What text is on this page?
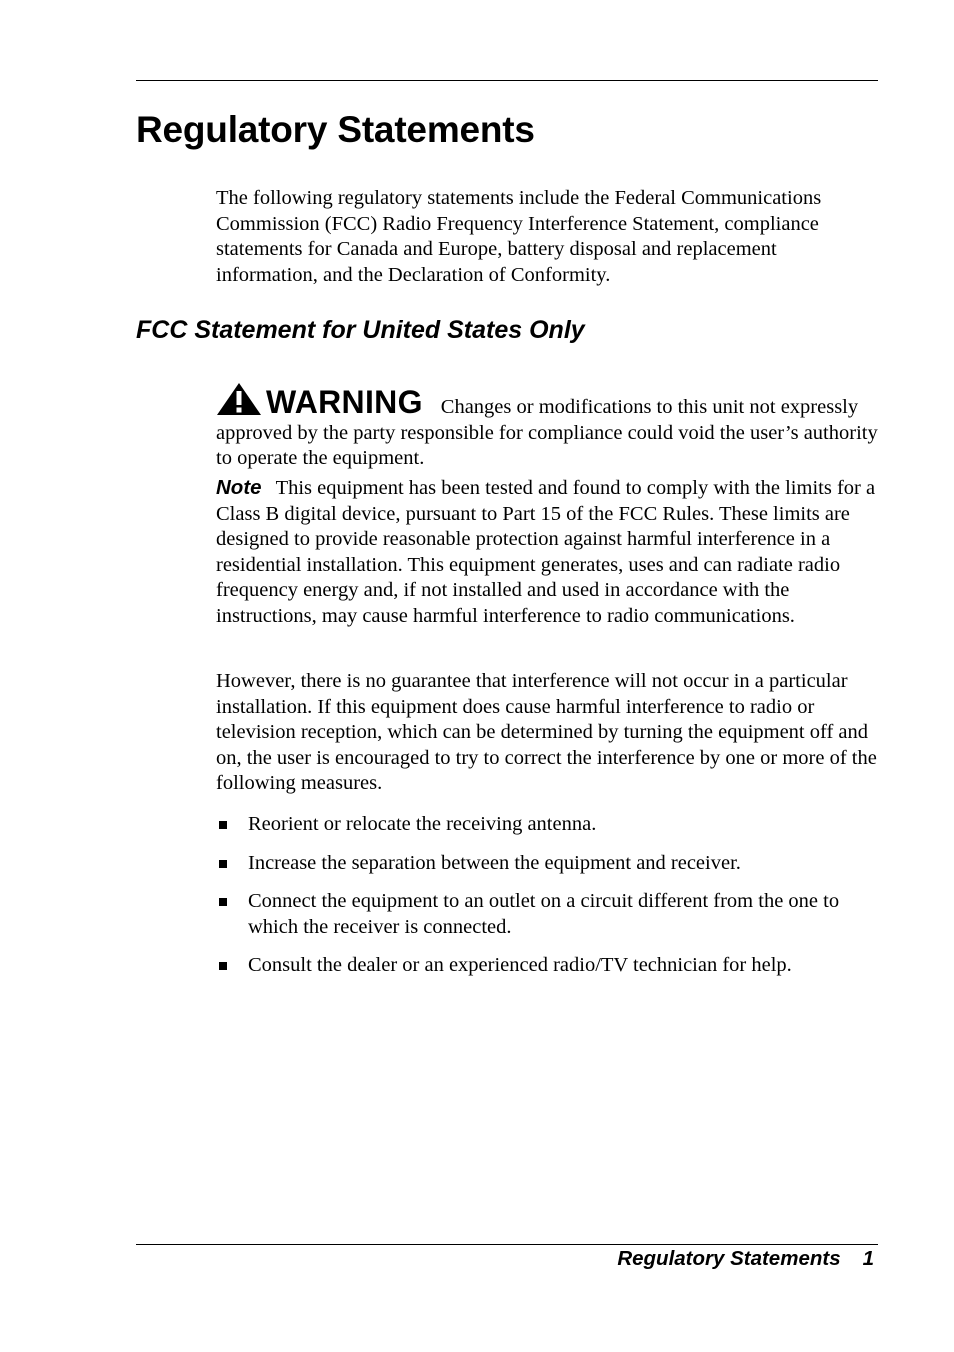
Regulatory Statements

The following regulatory statements include the Federal Communications Commission (FCC) Radio Frequency Interference Statement, compliance statements for Canada and Europe, battery disposal and replacement information, and the Declaration of Conformity.

FCC Statement for United States Only

WARNING Changes or modifications to this unit not expressly approved by the party responsible for compliance could void the user’s authority to operate the equipment.

Note This equipment has been tested and found to comply with the limits for a Class B digital device, pursuant to Part 15 of the FCC Rules. These limits are designed to provide reasonable protection against harmful interference in a residential installation. This equipment generates, uses and can radiate radio frequency energy and, if not installed and used in accordance with the instructions, may cause harmful interference to radio communications.

However, there is no guarantee that interference will not occur in a particular installation. If this equipment does cause harmful interference to radio or television reception, which can be determined by turning the equipment off and on, the user is encouraged to try to correct the interference by one or more of the following measures.

Reorient or relocate the receiving antenna.
Increase the separation between the equipment and receiver.
Connect the equipment to an outlet on a circuit different from the one to which the receiver is connected.
Consult the dealer or an experienced radio/TV technician for help.
Regulatory Statements 1
